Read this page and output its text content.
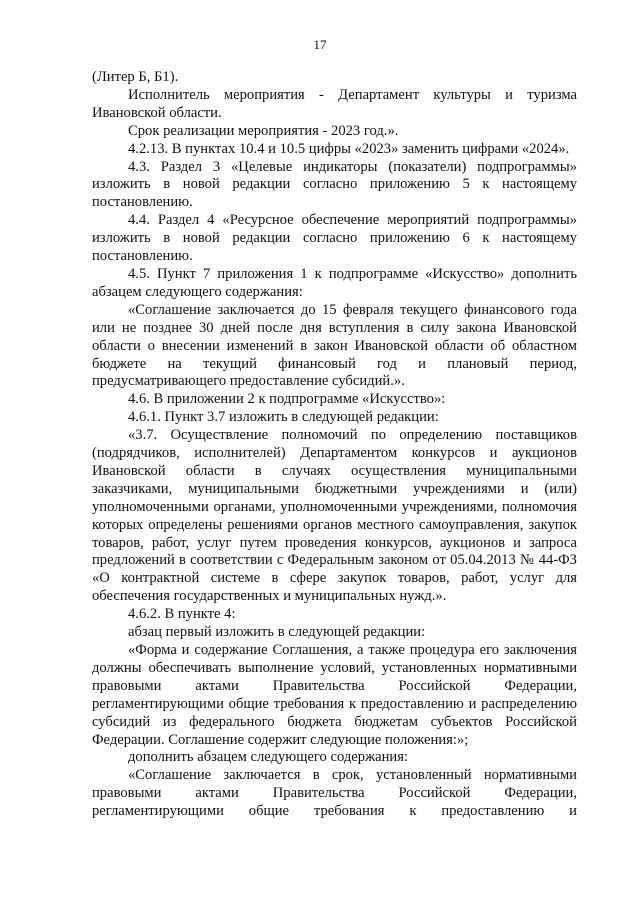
17

(Литер Б, Б1).

Исполнитель мероприятия - Департамент культуры и туризма Ивановской области.

Срок реализации мероприятия - 2023 год.».

4.2.13. В пунктах 10.4 и 10.5 цифры «2023» заменить цифрами «2024».

4.3. Раздел 3 «Целевые индикаторы (показатели) подпрограммы» изложить в новой редакции согласно приложению 5 к настоящему постановлению.

4.4. Раздел 4 «Ресурсное обеспечение мероприятий подпрограммы» изложить в новой редакции согласно приложению 6 к настоящему постановлению.

4.5. Пункт 7 приложения 1 к подпрограмме «Искусство» дополнить абзацем следующего содержания:

«Соглашение заключается до 15 февраля текущего финансового года или не позднее 30 дней после дня вступления в силу закона Ивановской области о внесении изменений в закон Ивановской области об областном бюджете на текущий финансовый год и плановый период, предусматривающего предоставление субсидий.».

4.6. В приложении 2 к подпрограмме «Искусство»:

4.6.1. Пункт 3.7 изложить в следующей редакции:

«3.7. Осуществление полномочий по определению поставщиков (подрядчиков, исполнителей) Департаментом конкурсов и аукционов Ивановской области в случаях осуществления муниципальными заказчиками, муниципальными бюджетными учреждениями и (или) уполномоченными органами, уполномоченными учреждениями, полномочия которых определены решениями органов местного самоуправления, закупок товаров, работ, услуг путем проведения конкурсов, аукционов и запроса предложений в соответствии с Федеральным законом от 05.04.2013 № 44-ФЗ «О контрактной системе в сфере закупок товаров, работ, услуг для обеспечения государственных и муниципальных нужд.».

4.6.2. В пункте 4:

абзац первый изложить в следующей редакции:

«Форма и содержание Соглашения, а также процедура его заключения должны обеспечивать выполнение условий, установленных нормативными правовыми актами Правительства Российской Федерации, регламентирующими общие требования к предоставлению и распределению субсидий из федерального бюджета бюджетам субъектов Российской Федерации. Соглашение содержит следующие положения:»;

дополнить абзацем следующего содержания:

«Соглашение заключается в срок, установленный нормативными правовыми актами Правительства Российской Федерации, регламентирующими общие требования к предоставлению и
